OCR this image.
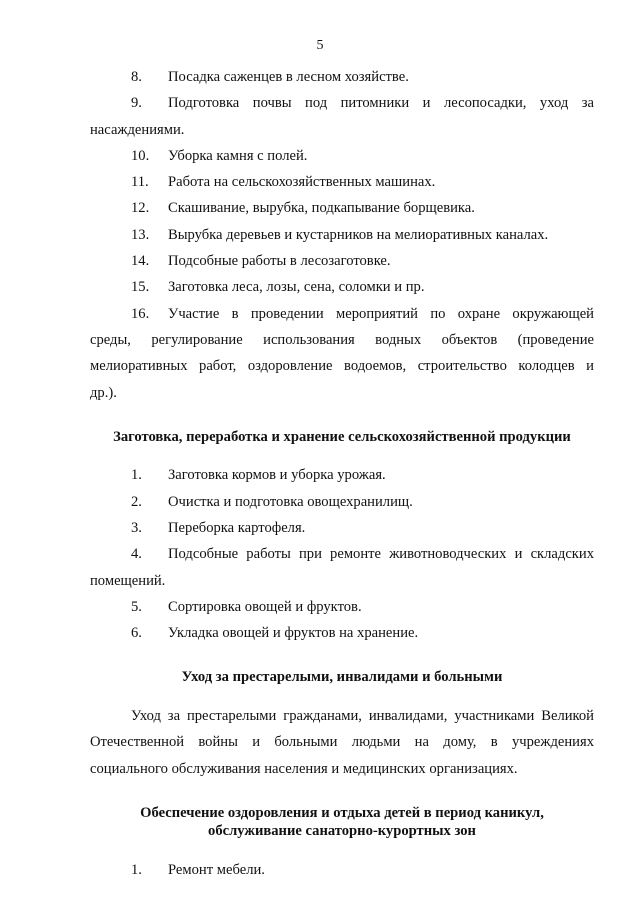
5
8. Посадка саженцев в лесном хозяйстве.
9. Подготовка почвы под питомники и лесопосадки, уход за
насаждениями.
10. Уборка камня с полей.
11. Работа на сельскохозяйственных машинах.
12. Скашивание, вырубка, подкапывание борщевика.
13. Вырубка деревьев и кустарников на мелиоративных каналах.
14. Подсобные работы в лесозаготовке.
15. Заготовка леса, лозы, сена, соломки и пр.
16. Участие в проведении мероприятий по охране окружающей
среды, регулирование использования водных объектов (проведение
мелиоративных работ, оздоровление водоемов, строительство колодцев и
др.).
Заготовка, переработка и хранение сельскохозяйственной продукции
1. Заготовка кормов и уборка урожая.
2. Очистка и подготовка овощехранилищ.
3. Переборка картофеля.
4. Подсобные работы при ремонте животноводческих и складских
помещений.
5. Сортировка овощей и фруктов.
6. Укладка овощей и фруктов на хранение.
Уход за престарелыми, инвалидами и больными
Уход за престарелыми гражданами, инвалидами, участниками Великой
Отечественной войны и больными людьми на дому, в учреждениях
социального обслуживания населения и медицинских организациях.
Обеспечение оздоровления и отдыха детей в период каникул,
обслуживание санаторно-курортных зон
1. Ремонт мебели.
